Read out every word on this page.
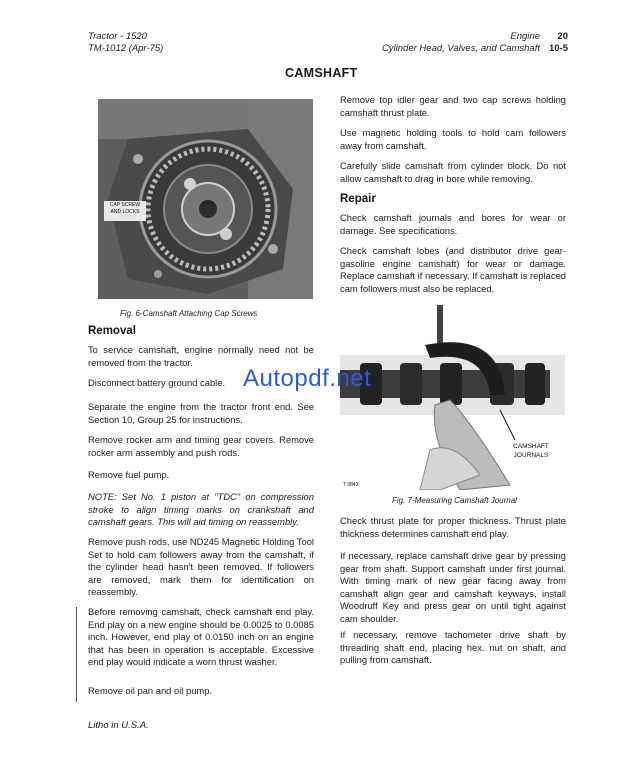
Tractor - 1520
TM-1012 (Apr-75)
Engine	20
Cylinder Head, Valves, and Camshaft 10-5
CAMSHAFT
CAP SCREW AND LOCKS
Fig. 6-Camshaft Attaching Cap Screws
Removal
To service camshaft, engine normally need not be removed from the tractor.
Disconnect battery ground cable.
Separate the engine from the tractor front end. See Section 10, Group 25 for instructions.
Remove rocker arm and timing gear covers. Remove rocker arm assembly and push rods.
Remove fuel pump.
NOTE: Set No. 1 piston at "TDC" on compression stroke to align timing marks on crankshaft and camshaft gears. This will aid timing on reassembly.
Remove push rods, use ND245 Magnetic Holding Tool Set to hold cam followers away from the camshaft, if the cylinder head hasn't been removed. If followers are removed, mark them for identification on reassembly.
Before removing camshaft, check camshaft end play. End play on a new engine should be 0.0025 to 0.0085 inch. However, end play of 0.0150 inch on an engine that has been in operation is acceptable. Excessive end play would indicate a worn thrust washer.
Remove oil pan and oil pump.
Remove top idler gear and two cap screws holding camshaft thrust plate.
Use magnetic holding tools to hold cam followers away from camshaft.
Carefully slide camshaft from cylinder block. Do not allow camshaft to drag in bore while removing.
Repair
Check camshaft journals and bores for wear or damage. See specifications.
Check camshaft lobes (and distributor drive gear-gasoline engine camshaft) for wear or damage. Replace camshaft if necessary. If camshaft is replaced cam followers must also be replaced.
CAMSHAFT JOURNALS
T 9843
Fig. 7-Measuring Camshaft Journal
Check thrust plate for proper thickness. Thrust plate thickness determines camshaft end play.
If necessary, replace camshaft drive gear by pressing gear from shaft. Support camshaft under first journal. With timing mark of new gear facing away from camshaft align gear and camshaft keyways, install Woodruff Key and press gear on until tight against cam shoulder.
If necessary, remove tachometer drive shaft by threading shaft end, placing hex. nut on shaft, and pulling from camshaft.
Autopdf.net
Litho in U.S.A.
